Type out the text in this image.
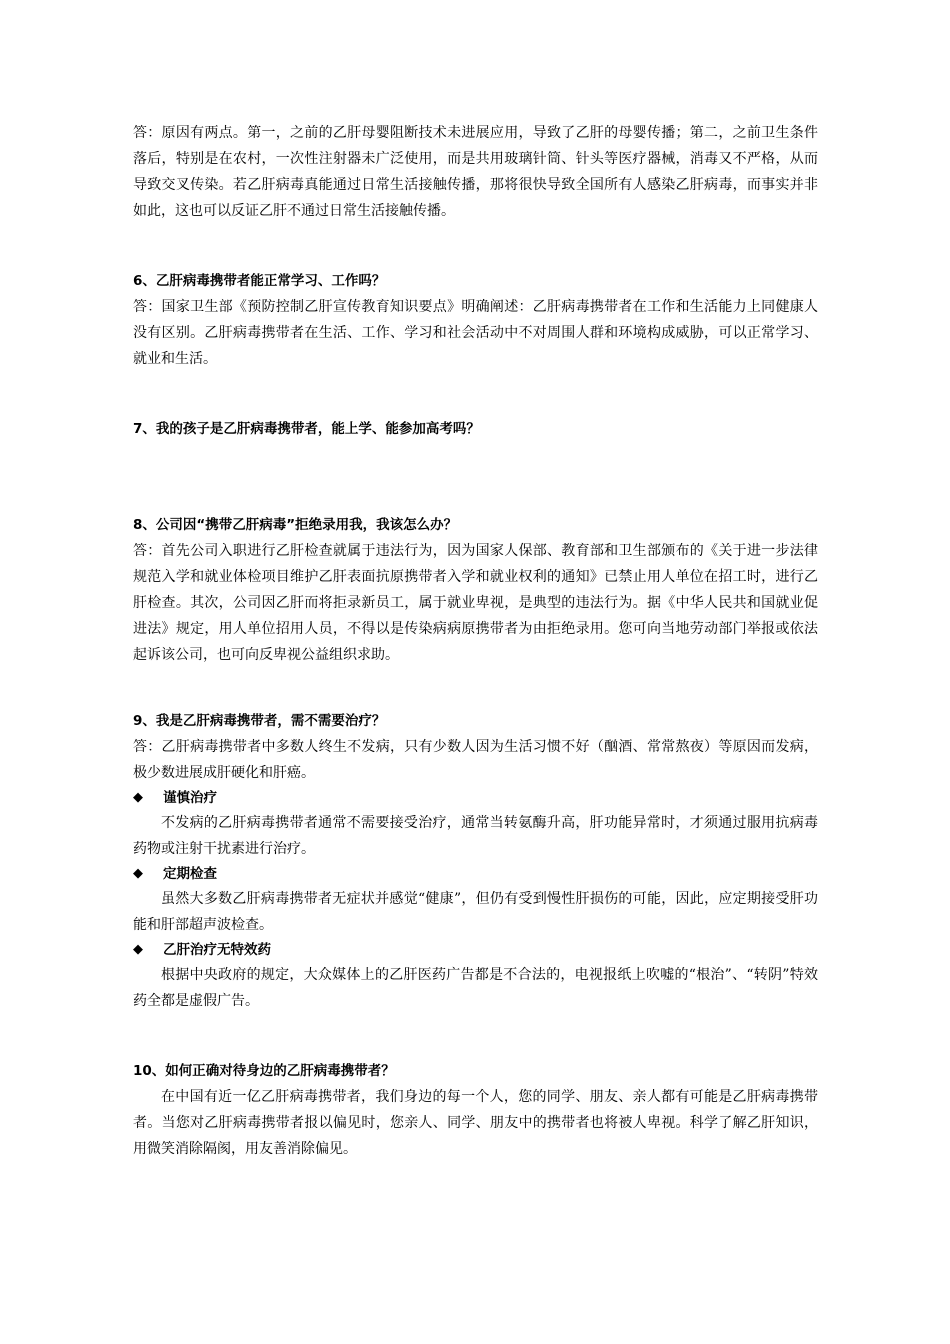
答：原因有两点。第一，之前的乙肝母婴阻断技术未进展应用，导致了乙肝的母婴传播；第二，之前卫生条件落后，特别是在农村，一次性注射器未广泛使用，而是共用玻璃针筒、针头等医疗器械，消毒又不严格，从而导致交叉传染。若乙肝病毒真能通过日常生活接触传播，那将很快导致全国所有人感染乙肝病毒，而事实并非如此，这也可以反证乙肝不通过日常生活接触传播。

6、乙肝病毒携带者能正常学习、工作吗？

答：国家卫生部《预防控制乙肝宣传教育知识要点》明确阐述：乙肝病毒携带者在工作和生活能力上同健康人没有区别。乙肝病毒携带者在生活、工作、学习和社会活动中不对周围人群和环境构成威胁，可以正常学习、就业和生活。

7、我的孩子是乙肝病毒携带者，能上学、能参加高考吗？

8、公司因“携带乙肝病毒”拒绝录用我，我该怎么办？

答：首先公司入职进行乙肝检查就属于违法行为，因为国家人保部、教育部和卫生部颁布的《关于进一步法律规范入学和就业体检项目维护乙肝表面抗原携带者入学和就业权利的通知》已禁止用人单位在招工时，进行乙肝检查。其次，公司因乙肝而将拒录新员工，属于就业卑视，是典型的违法行为。据《中华人民共和国就业促进法》规定，用人单位招用人员，不得以是传染病病原携带者为由拒绝录用。您可向当地劳动部门举报或依法起诉该公司，也可向反卑视公益组织求助。

9、我是乙肝病毒携带者，需不需要治疗？

答：乙肝病毒携带者中多数人终生不发病，只有少数人因为生活习惯不好（酗酒、常常熬夜）等原因而发病，极少数进展成肝硬化和肝癌。

◆	谨慎治疗

不发病的乙肝病毒携带者通常不需要接受治疗，通常当转氨酶升高，肝功能异常时，才须通过服用抗病毒药物或注射干扰素进行治疗。

◆	定期检查

虽然大多数乙肝病毒携带者无症状并感觉“健康”，但仍有受到慢性肝损伤的可能，因此，应定期接受肝功能和肝部超声波检查。

◆	乙肝治疗无特效药

根据中央政府的规定，大众媒体上的乙肝医药广告都是不合法的，电视报纸上吹嘘的“根治”、“转阴”特效药全都是虚假广告。

10、如何正确对待身边的乙肝病毒携带者？

在中国有近一亿乙肝病毒携带者，我们身边的每一个人，您的同学、朋友、亲人都有可能是乙肝病毒携带者。当您对乙肝病毒携带者报以偏见时，您亲人、同学、朋友中的携带者也将被人卑视。科学了解乙肝知识，用微笑消除隔阂，用友善消除偏见。
